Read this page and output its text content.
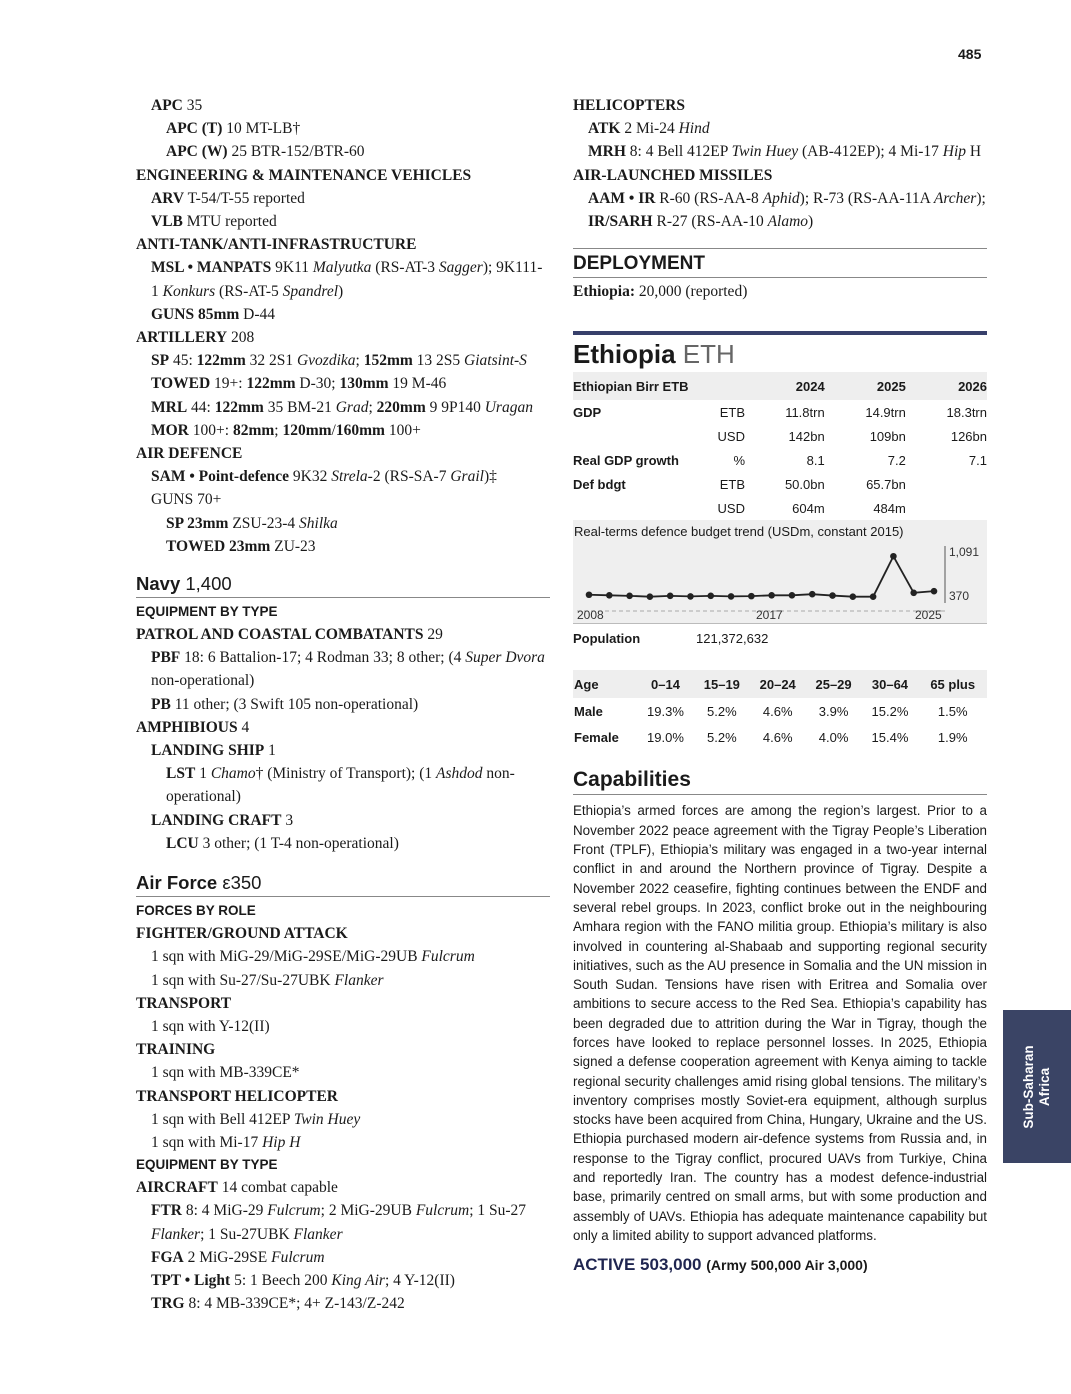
485
APC 35
APC (T) 10 MT-LB†
APC (W) 25 BTR-152/BTR-60
ENGINEERING & MAINTENANCE VEHICLES
ARV T-54/T-55 reported
VLB MTU reported
ANTI-TANK/ANTI-INFRASTRUCTURE
MSL • MANPATS 9K11 Malyutka (RS-AT-3 Sagger); 9K111-1 Konkurs (RS-AT-5 Spandrel)
GUNS 85mm D-44
ARTILLERY 208
SP 45: 122mm 32 2S1 Gvozdika; 152mm 13 2S5 Giatsint-S
TOWED 19+: 122mm D-30; 130mm 19 M-46
MRL 44: 122mm 35 BM-21 Grad; 220mm 9 9P140 Uragan
MOR 100+: 82mm; 120mm/160mm 100+
AIR DEFENCE
SAM • Point-defence 9K32 Strela-2 (RS-SA-7 Grail)‡
GUNS 70+
SP 23mm ZSU-23-4 Shilka
TOWED 23mm ZU-23
Navy 1,400
EQUIPMENT BY TYPE
PATROL AND COASTAL COMBATANTS 29
PBF 18: 6 Battalion-17; 4 Rodman 33; 8 other; (4 Super Dvora non-operational)
PB 11 other; (3 Swift 105 non-operational)
AMPHIBIOUS 4
LANDING SHIP 1
LST 1 Chamo† (Ministry of Transport); (1 Ashdod non-operational)
LANDING CRAFT 3
LCU 3 other; (1 T-4 non-operational)
Air Force ε350
FORCES BY ROLE
FIGHTER/GROUND ATTACK
1 sqn with MiG-29/MiG-29SE/MiG-29UB Fulcrum
1 sqn with Su-27/Su-27UBK Flanker
TRANSPORT
1 sqn with Y-12(II)
TRAINING
1 sqn with MB-339CE*
TRANSPORT HELICOPTER
1 sqn with Bell 412EP Twin Huey
1 sqn with Mi-17 Hip H
EQUIPMENT BY TYPE
AIRCRAFT 14 combat capable
FTR 8: 4 MiG-29 Fulcrum; 2 MiG-29UB Fulcrum; 1 Su-27 Flanker; 1 Su-27UBK Flanker
FGA 2 MiG-29SE Fulcrum
TPT • Light 5: 1 Beech 200 King Air; 4 Y-12(II)
TRG 8: 4 MB-339CE*; 4+ Z-143/Z-242
HELICOPTERS
ATK 2 Mi-24 Hind
MRH 8: 4 Bell 412EP Twin Huey (AB-412EP); 4 Mi-17 Hip H
AIR-LAUNCHED MISSILES
AAM • IR R-60 (RS-AA-8 Aphid); R-73 (RS-AA-11A Archer); IR/SARH R-27 (RS-AA-10 Alamo)
DEPLOYMENT
Ethiopia: 20,000 (reported)
Ethiopia ETH
Ethiopian Birr ETB		2024	2025	2026
GDP	ETB	11.8trn	14.9trn	18.3trn
	USD	142bn	109bn	126bn
Real GDP growth	%	8.1	7.2	7.1
Def bdgt	ETB	50.0bn	65.7bn	
	USD	604m	484m	
Real-terms defence budget trend (USDm, constant 2015)
1,091
370
2008	2017	2025
Population	121,372,632
Age	0–14	15–19	20–24	25–29	30–64	65 plus
Male	19.3%	5.2%	4.6%	3.9%	15.2%	1.5%
Female	19.0%	5.2%	4.6%	4.0%	15.4%	1.9%
Capabilities
Ethiopia’s armed forces are among the region’s largest. Prior to a November 2022 peace agreement with the Tigray People’s Liberation Front (TPLF), Ethiopia’s military was engaged in a two-year internal conflict in and around the Northern province of Tigray. Despite a November 2022 ceasefire, fighting continues between the ENDF and several rebel groups. In 2023, conflict broke out in the neighbouring Amhara region with the FANO militia group. Ethiopia’s military is also involved in countering al-Shabaab and supporting regional security initiatives, such as the AU presence in Somalia and the UN mission in South Sudan. Tensions have risen with Eritrea and Somalia over ambitions to secure access to the Red Sea. Ethiopia’s capability has been degraded due to attrition during the War in Tigray, though the forces have looked to replace personnel losses. In 2025, Ethiopia signed a defense cooperation agreement with Kenya aiming to tackle regional security challenges amid rising global tensions. The military’s inventory comprises mostly Soviet-era equipment, although surplus stocks have been acquired from China, Hungary, Ukraine and the US. Ethiopia purchased modern air-defence systems from Russia and, in response to the Tigray conflict, procured UAVs from Turkiye, China and reportedly Iran. The country has a modest defence-industrial base, primarily centred on small arms, but with some production and assembly of UAVs. Ethiopia has adequate maintenance capability but only a limited ability to support advanced platforms.
ACTIVE 503,000 (Army 500,000 Air 3,000)
Sub-Saharan
Africa
